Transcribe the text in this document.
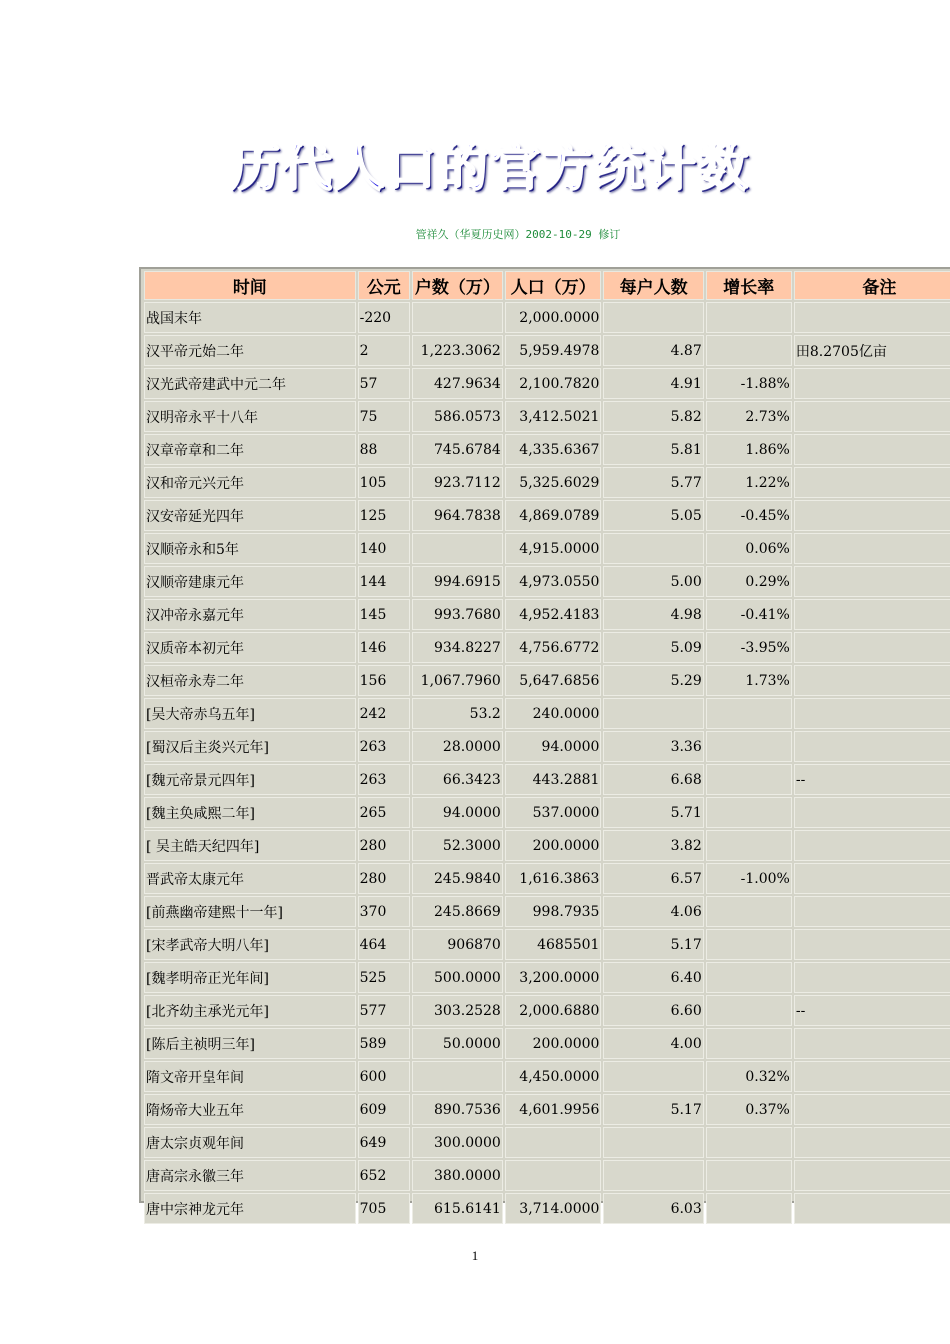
历代人口的官方统计数
管祥久（华夏历史网）2002-10-29 修订
时间	公元	户数（万）	人口（万）	每户人数	增长率	备注
战国末年	-220		2,000.0000			
汉平帝元始二年	2	1,223.3062	5,959.4978	4.87		田8.2705亿亩
汉光武帝建武中元二年	57	427.9634	2,100.7820	4.91	-1.88%	
汉明帝永平十八年	75	586.0573	3,412.5021	5.82	2.73%	
汉章帝章和二年	88	745.6784	4,335.6367	5.81	1.86%	
汉和帝元兴元年	105	923.7112	5,325.6029	5.77	1.22%	
汉安帝延光四年	125	964.7838	4,869.0789	5.05	-0.45%	
汉顺帝永和5年	140		4,915.0000		0.06%	
汉顺帝建康元年	144	994.6915	4,973.0550	5.00	0.29%	
汉冲帝永嘉元年	145	993.7680	4,952.4183	4.98	-0.41%	
汉质帝本初元年	146	934.8227	4,756.6772	5.09	-3.95%	
汉桓帝永寿二年	156	1,067.7960	5,647.6856	5.29	1.73%	
[吴大帝赤乌五年]	242	53.2	240.0000			
[蜀汉后主炎兴元年]	263	28.0000	94.0000	3.36		
[魏元帝景元四年]	263	66.3423	443.2881	6.68		--
[魏主奂咸熙二年]	265	94.0000	537.0000	5.71		
[ 吴主皓天纪四年]	280	52.3000	200.0000	3.82		
晋武帝太康元年	280	245.9840	1,616.3863	6.57	-1.00%	
[前燕幽帝建熙十一年]	370	245.8669	998.7935	4.06		
[宋孝武帝大明八年]	464	906870	4685501	5.17		
[魏孝明帝正光年间]	525	500.0000	3,200.0000	6.40		
[北齐幼主承光元年]	577	303.2528	2,000.6880	6.60		--
[陈后主祯明三年]	589	50.0000	200.0000	4.00		
隋文帝开皇年间	600		4,450.0000		0.32%	
隋炀帝大业五年	609	890.7536	4,601.9956	5.17	0.37%	
唐太宗贞观年间	649	300.0000				
唐高宗永徽三年	652	380.0000				
唐中宗神龙元年	705	615.6141	3,714.0000	6.03		
1
